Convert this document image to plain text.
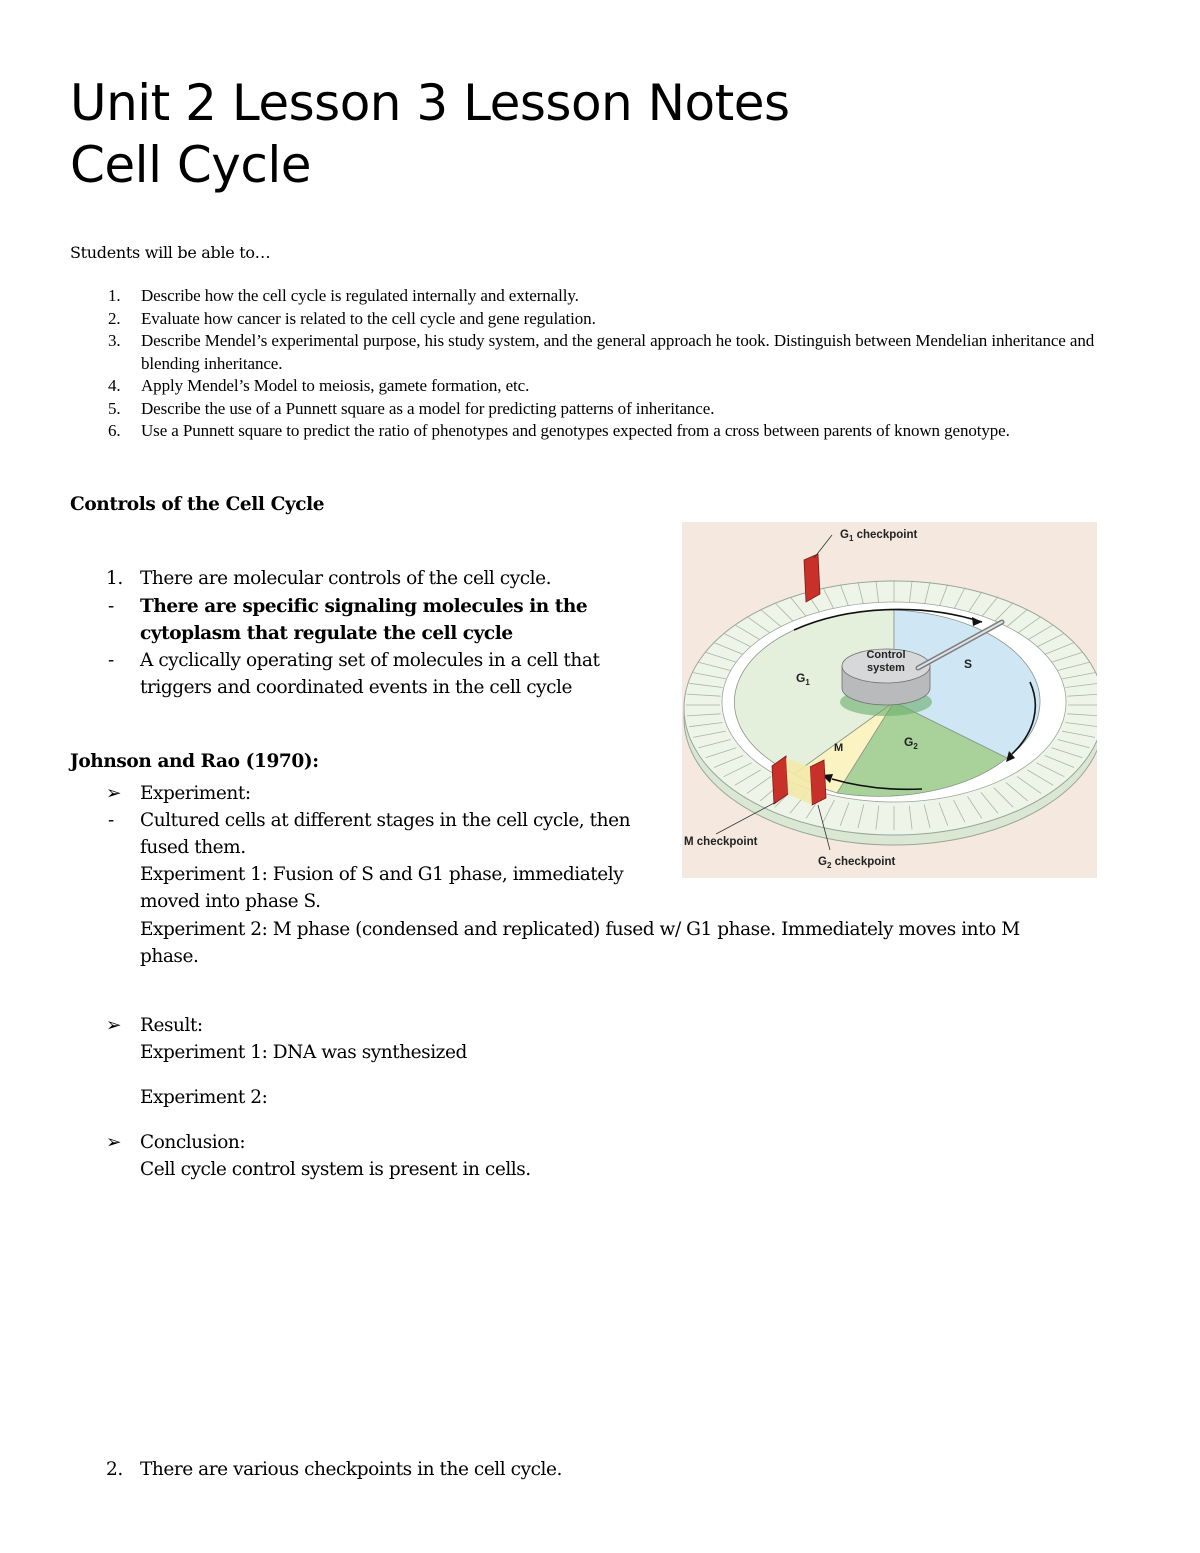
Unit 2 Lesson 3 Lesson Notes
Cell Cycle
Students will be able to…
1. Describe how the cell cycle is regulated internally and externally.
2. Evaluate how cancer is related to the cell cycle and gene regulation.
3. Describe Mendel’s experimental purpose, his study system, and the general approach he took. Distinguish between Mendelian inheritance and blending inheritance.
4. Apply Mendel’s Model to meiosis, gamete formation, etc.
5. Describe the use of a Punnett square as a model for predicting patterns of inheritance.
6. Use a Punnett square to predict the ratio of phenotypes and genotypes expected from a cross between parents of known genotype.
Controls of the Cell Cycle
1. There are molecular controls of the cell cycle.
- There are specific signaling molecules in the
cytoplasm that regulate the cell cycle
- A cyclically operating set of molecules in a cell that
triggers and coordinated events in the cell cycle
Johnson and Rao (1970):
➢ Experiment:
- Cultured cells at different stages in the cell cycle, then
fused them.
Experiment 1: Fusion of S and G1 phase, immediately
moved into phase S.
Experiment 2: M phase (condensed and replicated) fused w/ G1 phase. Immediately moves into M
phase.
➢ Result:
Experiment 1: DNA was synthesized
Experiment 2:
➢ Conclusion:
Cell cycle control system is present in cells.
2. There are various checkpoints in the cell cycle.
$G_1$ checkpoint
Control
system
$G_1$
S
M	$G_2$
M checkpoint
$G_2$ checkpoint
